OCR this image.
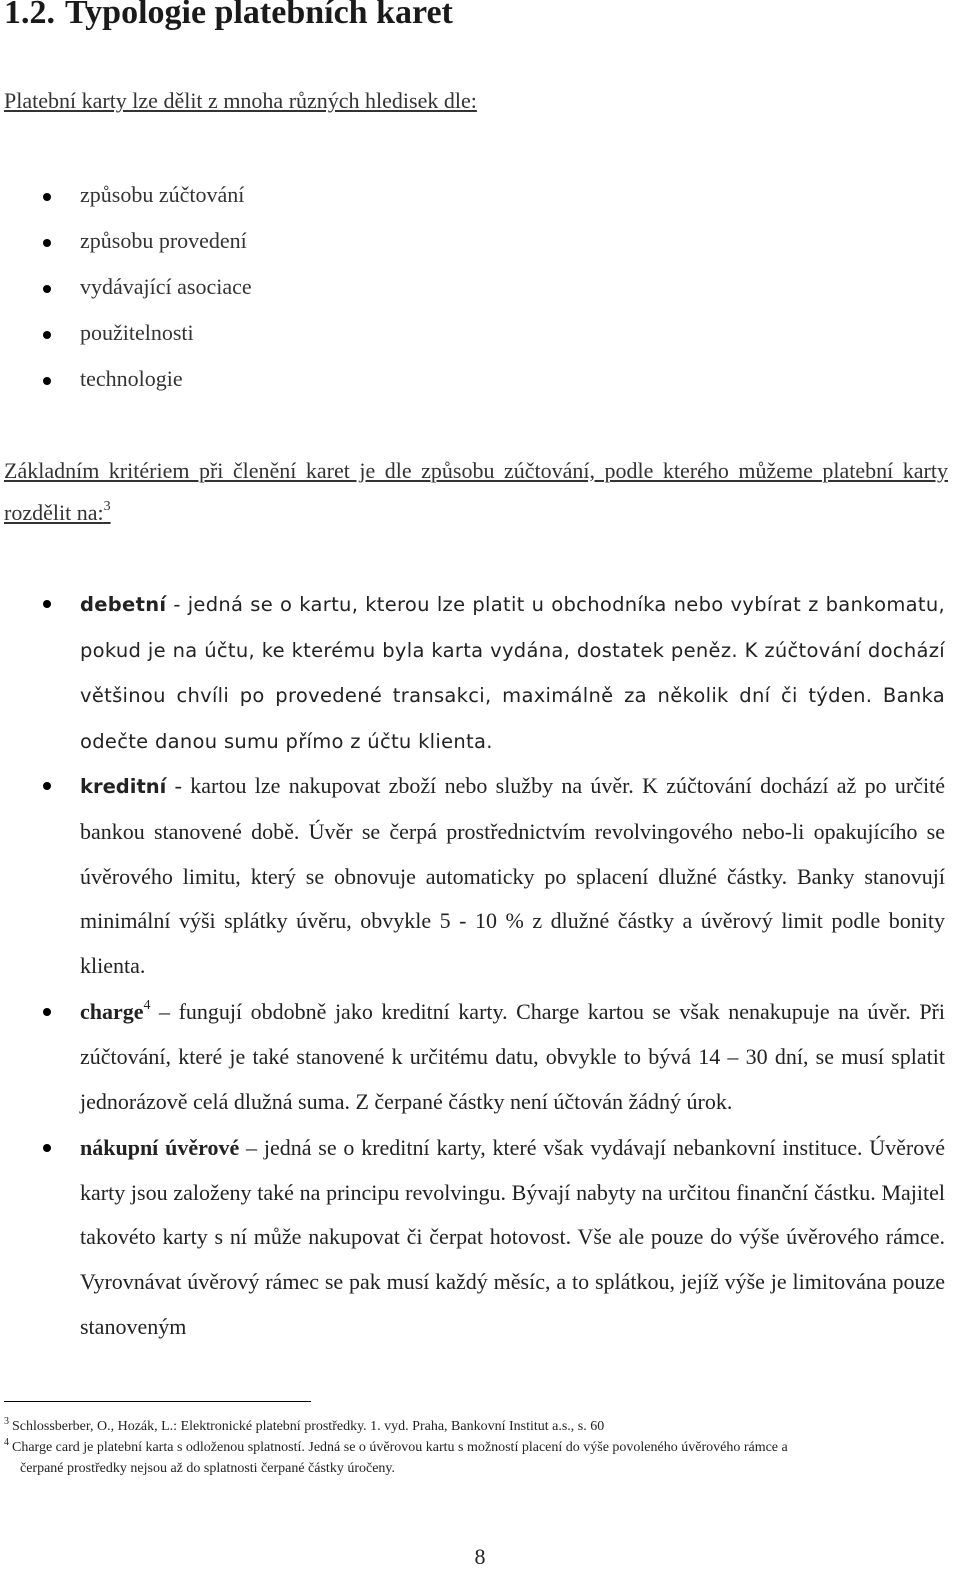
1.2. Typologie platebních karet
Platební karty lze dělit z mnoha různých hledisek dle:
způsobu zúčtování
způsobu provedení
vydávající asociace
použitelnosti
technologie
Základním kritériem při členění karet je dle způsobu zúčtování, podle kterého můžeme platební karty rozdělit na:$^3$
debetní - jedná se o kartu, kterou lze platit u obchodníka nebo vybírat z bankomatu, pokud je na účtu, ke kterému byla karta vydána, dostatek peněz. K zúčtování dochází většinou chvíli po provedené transakci, maximálně za několik dní či týden. Banka odečte danou sumu přímo z účtu klienta.
kreditní - kartou lze nakupovat zboží nebo služby na úvěr. K zúčtování dochází až po určité bankou stanovené době. Úvěr se čerpá prostřednictvím revolvingového nebo-li opakujícího se úvěrového limitu, který se obnovuje automaticky po splacení dlužné částky. Banky stanovují minimální výši splátky úvěru, obvykle 5 - 10 % z dlužné částky a úvěrový limit podle bonity klienta.
charge$^4$ – fungují obdobně jako kreditní karty. Charge kartou se však nenakupuje na úvěr. Při zúčtování, které je také stanovené k určitému datu, obvykle to bývá 14 – 30 dní, se musí splatit jednorázově celá dlužná suma. Z čerpané částky není účtován žádný úrok.
nákupní úvěrové – jedná se o kreditní karty, které však vydávají nebankovní instituce. Úvěrové karty jsou založeny také na principu revolvingu. Bývají nabyty na určitou finanční částku. Majitel takovéto karty s ní může nakupovat či čerpat hotovost. Vše ale pouze do výše úvěrového rámce. Vyrovnávat úvěrový rámec se pak musí každý měsíc, a to splátkou, jejíž výše je limitována pouze stanoveným

$^3$ Schlossberber, O., Hozák, L.: Elektronické platební prostředky. 1. vyd. Praha, Bankovní Institut a.s., s. 60

$^4$ Charge card je platební karta s odloženou splatností. Jedná se o úvěrovou kartu s možností placení do výše povoleného úvěrového rámce a

čerpané prostředky nejsou až do splatnosti čerpané částky úročeny.

8
